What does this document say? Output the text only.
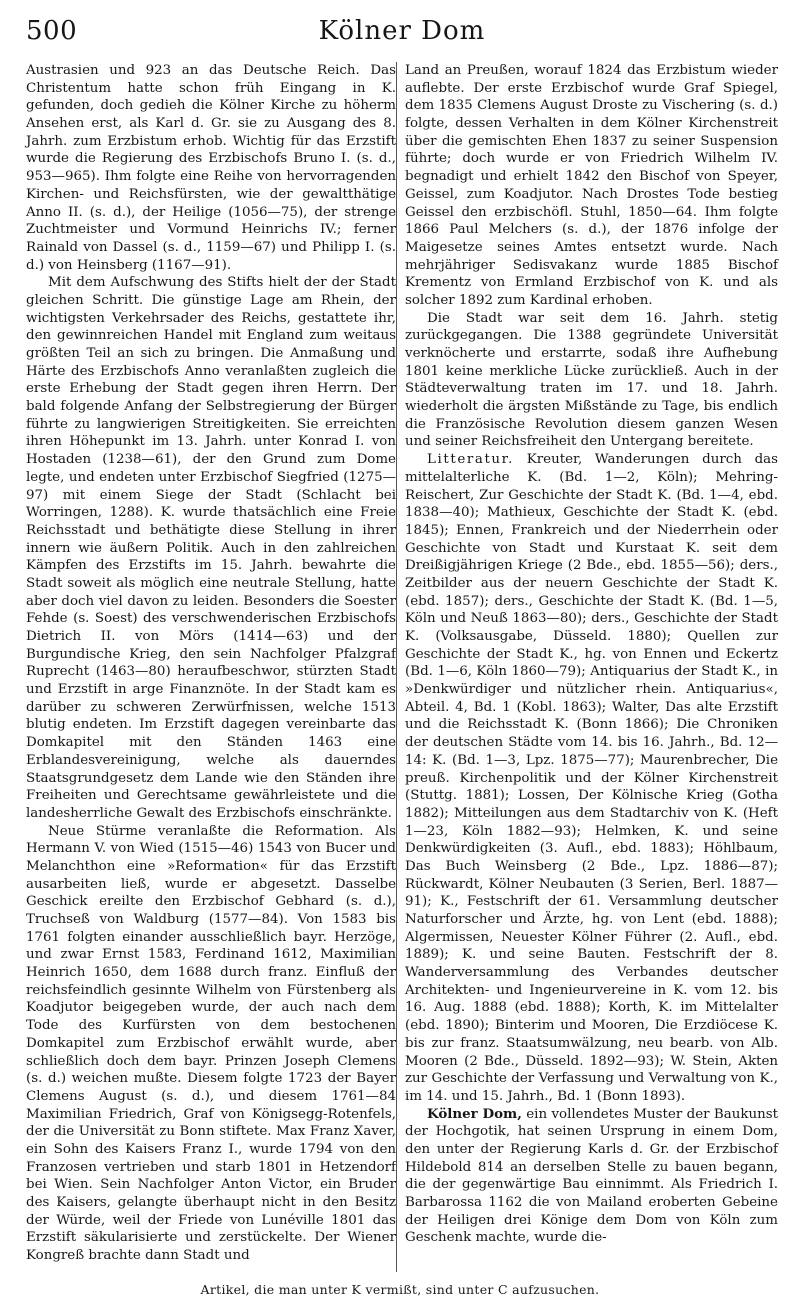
500	Kölner Dom

Austrasien und 923 an das Deutsche Reich. Das Christentum hatte schon früh Eingang in K. gefunden, doch gedieh die Kölner Kirche zu höherm Ansehen erst, als Karl d. Gr. sie zu Ausgang des 8. Jahrh. zum Erzbistum erhob. Wichtig für das Erzstift wurde die Regierung des Erzbischofs Bruno I. (s. d., 953—965). Ihm folgte eine Reihe von hervorragenden Kirchen- und Reichsfürsten, wie der gewaltthätige Anno II. (s. d.), der Heilige (1056—75), der strenge Zuchtmeister und Vormund Heinrichs IV.; ferner Rainald von Dassel (s. d., 1159—67) und Philipp I. (s. d.) von Heinsberg (1167—91).

Mit dem Aufschwung des Stifts hielt der der Stadt gleichen Schritt. Die günstige Lage am Rhein, der wichtigsten Verkehrsader des Reichs, gestattete ihr, den gewinnreichen Handel mit England zum weitaus größten Teil an sich zu bringen. Die Anmaßung und Härte des Erzbischofs Anno veranlaßten zugleich die erste Erhebung der Stadt gegen ihren Herrn. Der bald folgende Anfang der Selbstregierung der Bürger führte zu langwierigen Streitigkeiten. Sie erreichten ihren Höhepunkt im 13. Jahrh. unter Konrad I. von Hostaden (1238—61), der den Grund zum Dome legte, und endeten unter Erzbischof Siegfried (1275—97) mit einem Siege der Stadt (Schlacht bei Worringen, 1288). K. wurde thatsächlich eine Freie Reichsstadt und bethätigte diese Stellung in ihrer innern wie äußern Politik. Auch in den zahlreichen Kämpfen des Erzstifts im 15. Jahrh. bewahrte die Stadt soweit als möglich eine neutrale Stellung, hatte aber doch viel davon zu leiden. Besonders die Soester Fehde (s. Soest) des verschwenderischen Erzbischofs Dietrich II. von Mörs (1414—63) und der Burgundische Krieg, den sein Nachfolger Pfalzgraf Ruprecht (1463—80) heraufbeschwor, stürzten Stadt und Erzstift in arge Finanznöte. In der Stadt kam es darüber zu schweren Zerwürfnissen, welche 1513 blutig endeten. Im Erzstift dagegen vereinbarte das Domkapitel mit den Ständen 1463 eine Erblandesvereinigung, welche als dauerndes Staatsgrundgesetz dem Lande wie den Ständen ihre Freiheiten und Gerechtsame gewährleistete und die landesherrliche Gewalt des Erzbischofs einschränkte.

Neue Stürme veranlaßte die Reformation. Als Hermann V. von Wied (1515—46) 1543 von Bucer und Melanchthon eine »Reformation« für das Erzstift ausarbeiten ließ, wurde er abgesetzt. Dasselbe Geschick ereilte den Erzbischof Gebhard (s. d.), Truchseß von Waldburg (1577—84). Von 1583 bis 1761 folgten einander ausschließlich bayr. Herzöge, und zwar Ernst 1583, Ferdinand 1612, Maximilian Heinrich 1650, dem 1688 durch franz. Einfluß der reichsfeindlich gesinnte Wilhelm von Fürstenberg als Koadjutor beigegeben wurde, der auch nach dem Tode des Kurfürsten von dem bestochenen Domkapitel zum Erzbischof erwählt wurde, aber schließlich doch dem bayr. Prinzen Joseph Clemens (s. d.) weichen mußte. Diesem folgte 1723 der Bayer Clemens August (s. d.), und diesem 1761—84 Maximilian Friedrich, Graf von Königsegg-Rotenfels, der die Universität zu Bonn stiftete. Max Franz Xaver, ein Sohn des Kaisers Franz I., wurde 1794 von den Franzosen vertrieben und starb 1801 in Hetzendorf bei Wien. Sein Nachfolger Anton Victor, ein Bruder des Kaisers, gelangte überhaupt nicht in den Besitz der Würde, weil der Friede von Lunéville 1801 das Erzstift säkularisierte und zerstückelte. Der Wiener Kongreß brachte dann Stadt und

Land an Preußen, worauf 1824 das Erzbistum wieder auflebte. Der erste Erzbischof wurde Graf Spiegel, dem 1835 Clemens August Droste zu Vischering (s. d.) folgte, dessen Verhalten in dem Kölner Kirchenstreit über die gemischten Ehen 1837 zu seiner Suspension führte; doch wurde er von Friedrich Wilhelm IV. begnadigt und erhielt 1842 den Bischof von Speyer, Geissel, zum Koadjutor. Nach Drostes Tode bestieg Geissel den erzbischöfl. Stuhl, 1850—64. Ihm folgte 1866 Paul Melchers (s. d.), der 1876 infolge der Maigesetze seines Amtes entsetzt wurde. Nach mehrjähriger Sedisvakanz wurde 1885 Bischof Krementz von Ermland Erzbischof von K. und als solcher 1892 zum Kardinal erhoben.

Die Stadt war seit dem 16. Jahrh. stetig zurückgegangen. Die 1388 gegründete Universität verknöcherte und erstarrte, sodaß ihre Aufhebung 1801 keine merkliche Lücke zurückließ. Auch in der Städteverwaltung traten im 17. und 18. Jahrh. wiederholt die ärgsten Mißstände zu Tage, bis endlich die Französische Revolution diesem ganzen Wesen und seiner Reichsfreiheit den Untergang bereitete.

Litteratur. Kreuter, Wanderungen durch das mittelalterliche K. (Bd. 1—2, Köln); Mehring-Reischert, Zur Geschichte der Stadt K. (Bd. 1—4, ebd. 1838—40); Mathieux, Geschichte der Stadt K. (ebd. 1845); Ennen, Frankreich und der Niederrhein oder Geschichte von Stadt und Kurstaat K. seit dem Dreißigjährigen Kriege (2 Bde., ebd. 1855—56); ders., Zeitbilder aus der neuern Geschichte der Stadt K. (ebd. 1857); ders., Geschichte der Stadt K. (Bd. 1—5, Köln und Neuß 1863—80); ders., Geschichte der Stadt K. (Volksausgabe, Düsseld. 1880); Quellen zur Geschichte der Stadt K., hg. von Ennen und Eckertz (Bd. 1—6, Köln 1860—79); Antiquarius der Stadt K., in »Denkwürdiger und nützlicher rhein. Antiquarius«, Abteil. 4, Bd. 1 (Kobl. 1863); Walter, Das alte Erzstift und die Reichsstadt K. (Bonn 1866); Die Chroniken der deutschen Städte vom 14. bis 16. Jahrh., Bd. 12—14: K. (Bd. 1—3, Lpz. 1875—77); Maurenbrecher, Die preuß. Kirchenpolitik und der Kölner Kirchenstreit (Stuttg. 1881); Lossen, Der Kölnische Krieg (Gotha 1882); Mitteilungen aus dem Stadtarchiv von K. (Heft 1—23, Köln 1882—93); Helmken, K. und seine Denkwürdigkeiten (3. Aufl., ebd. 1883); Höhlbaum, Das Buch Weinsberg (2 Bde., Lpz. 1886—87); Rückwardt, Kölner Neubauten (3 Serien, Berl. 1887—91); K., Festschrift der 61. Versammlung deutscher Naturforscher und Ärzte, hg. von Lent (ebd. 1888); Algermissen, Neuester Kölner Führer (2. Aufl., ebd. 1889); K. und seine Bauten. Festschrift der 8. Wanderversammlung des Verbandes deutscher Architekten- und Ingenieurvereine in K. vom 12. bis 16. Aug. 1888 (ebd. 1888); Korth, K. im Mittelalter (ebd. 1890); Binterim und Mooren, Die Erzdiöcese K. bis zur franz. Staatsumwälzung, neu bearb. von Alb. Mooren (2 Bde., Düsseld. 1892—93); W. Stein, Akten zur Geschichte der Verfassung und Verwaltung von K., im 14. und 15. Jahrh., Bd. 1 (Bonn 1893).

Kölner Dom, ein vollendetes Muster der Baukunst der Hochgotik, hat seinen Ursprung in einem Dom, den unter der Regierung Karls d. Gr. der Erzbischof Hildebold 814 an derselben Stelle zu bauen begann, die der gegenwärtige Bau einnimmt. Als Friedrich I. Barbarossa 1162 die von Mailand eroberten Gebeine der Heiligen drei Könige dem Dom von Köln zum Geschenk machte, wurde die-

Artikel, die man unter K vermißt, sind unter C aufzusuchen.
